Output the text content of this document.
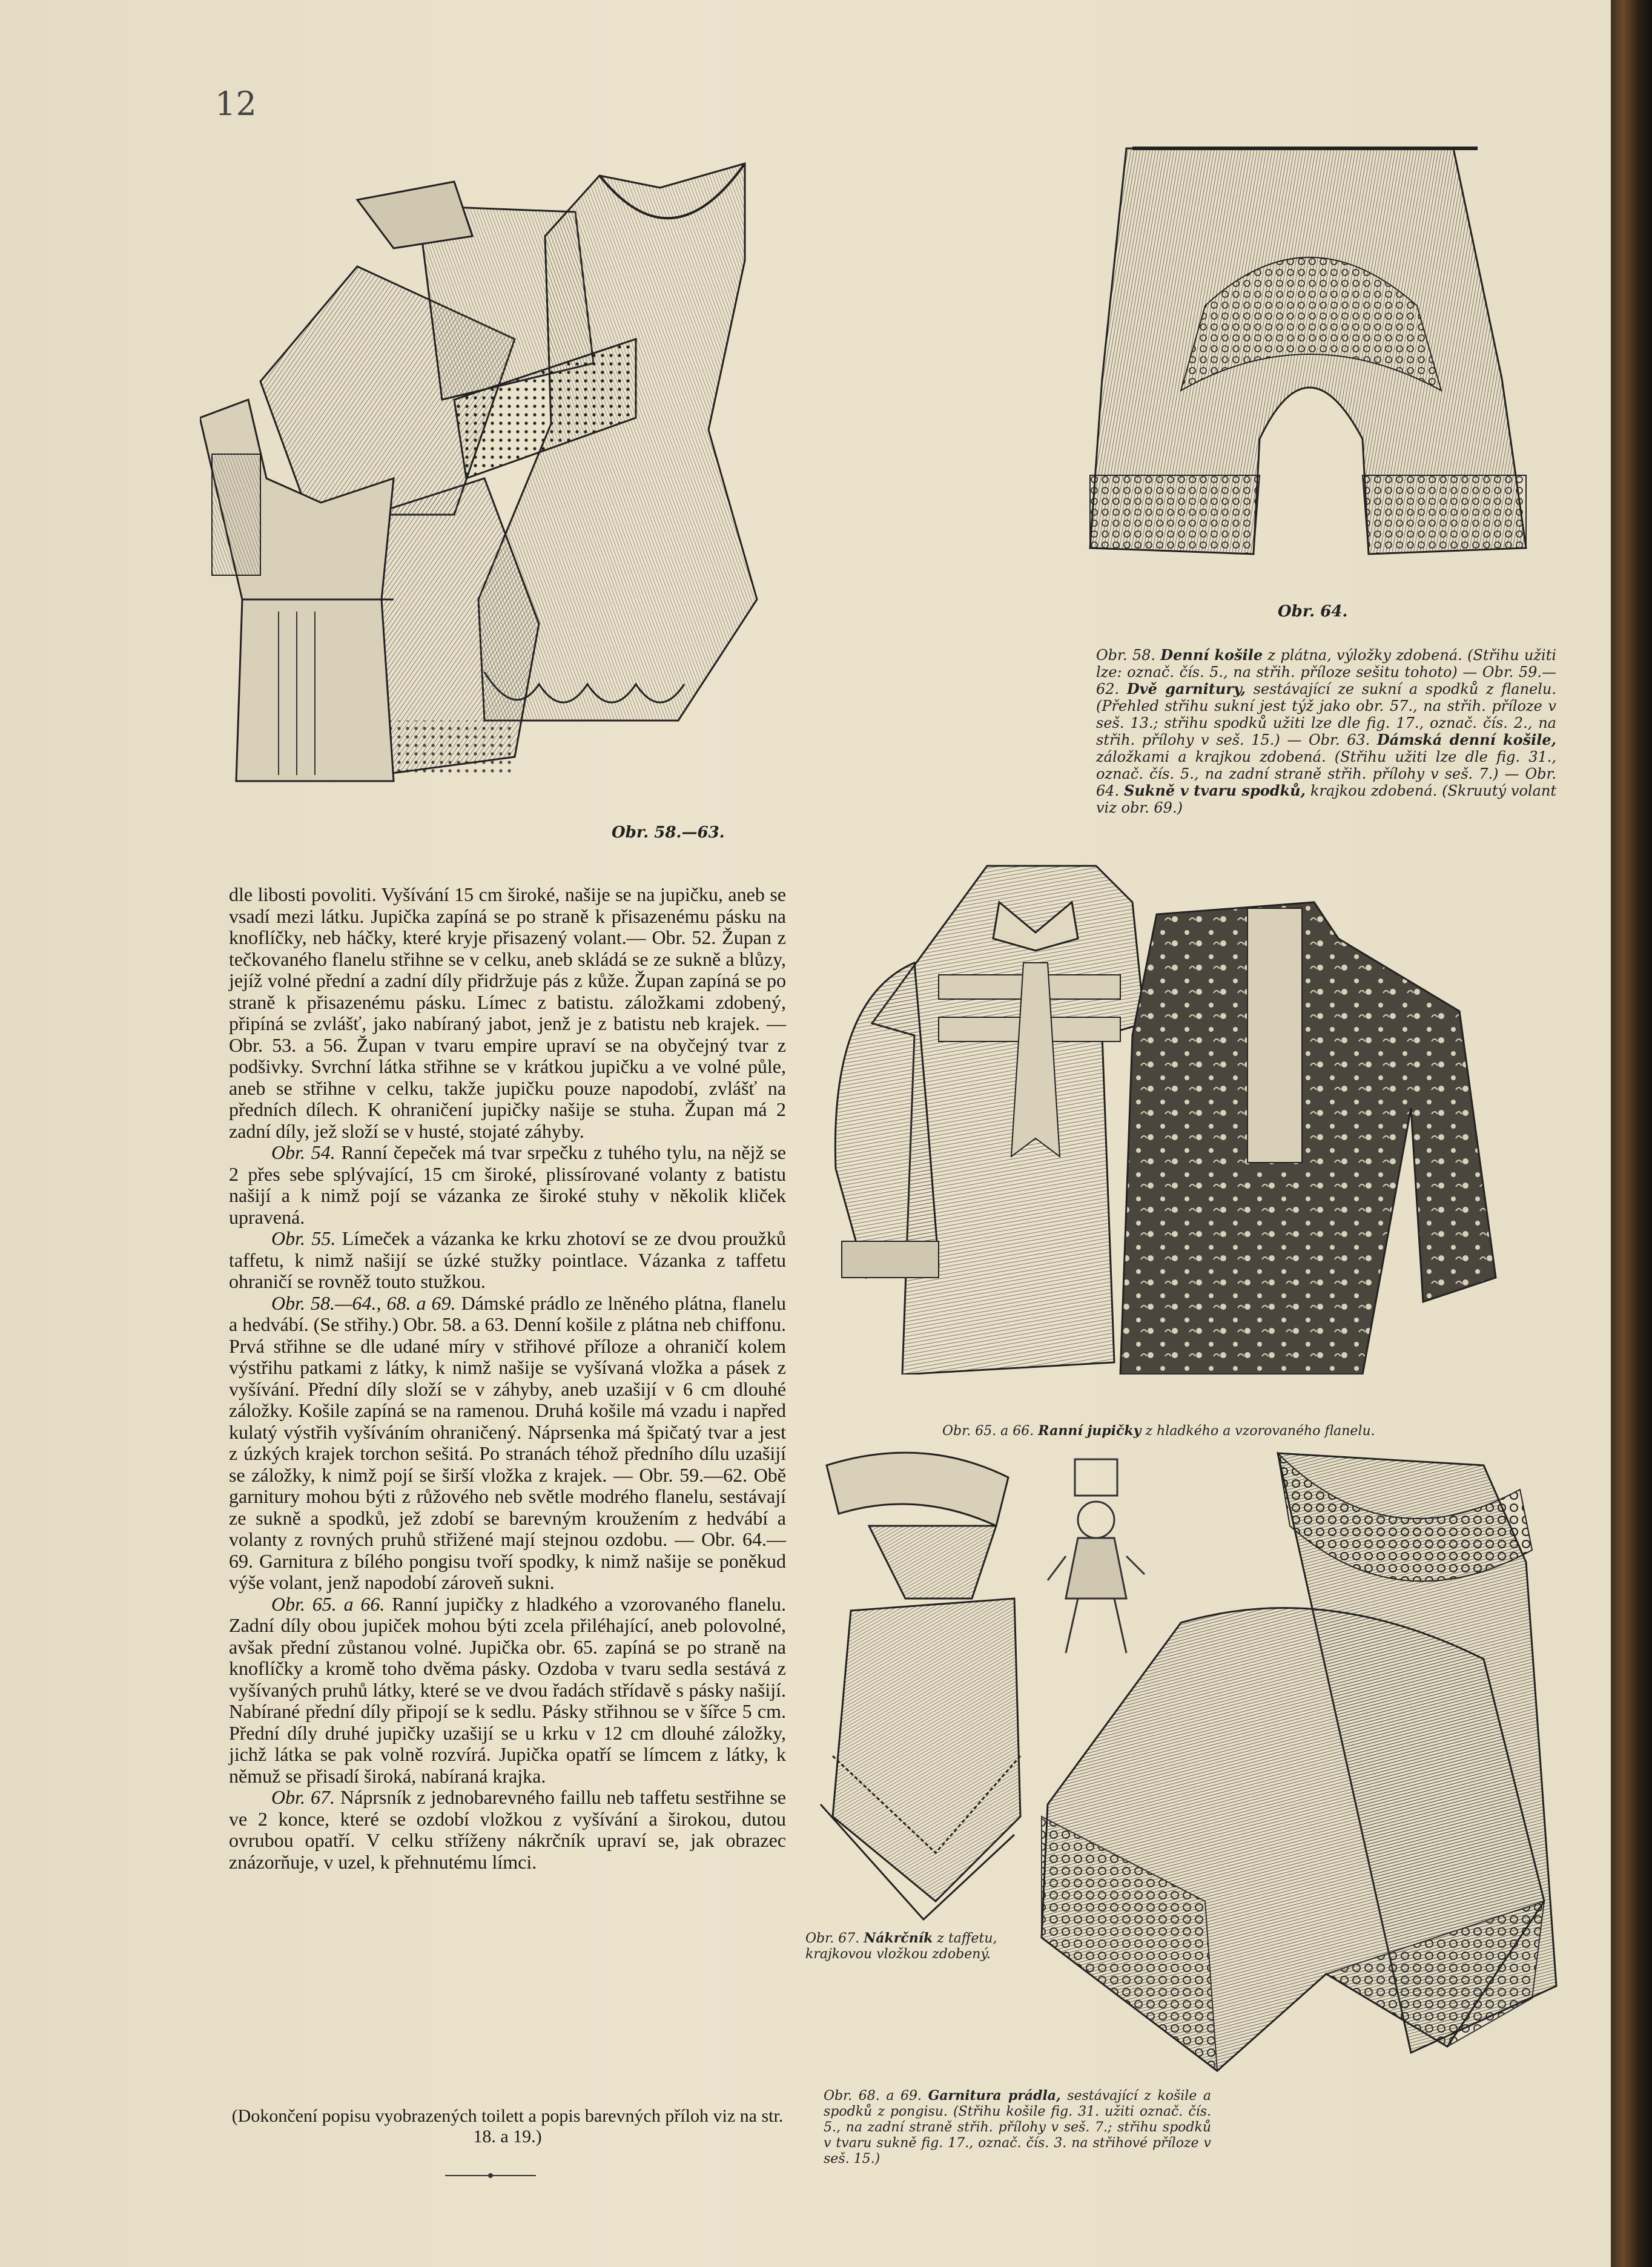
12
Obr. 58.—63.
Obr. 64.
Obr. 58. Denní košile z plátna, výložky zdobená. (Střihu užiti lze: označ. čís. 5., na střih. příloze sešitu tohoto) — Obr. 59.—62. Dvě garnitury, sestávající ze sukní a spodků z flanelu. (Přehled střihu sukní jest týž jako obr. 57., na střih. příloze v seš. 13.; střihu spodků užiti lze dle fig. 17., označ. čís. 2., na střih. přílohy v seš. 15.) — Obr. 63. Dámská denní košile, záložkami a krajkou zdobená. (Střihu užiti lze dle fig. 31., označ. čís. 5., na zadní straně střih. přílohy v seš. 7.) — Obr. 64. Sukně v tvaru spodků, krajkou zdobená. (Skruutý volant viz obr. 69.)
Obr. 65. a 66. Ranní jupičky z hladkého a vzorovaného flanelu.
Obr. 67. Nákrčník z taffetu, krajkovou vložkou zdobený.
Obr. 68. a 69. Garnitura prádla, sestávající z košile a spodků z pongisu. (Střihu košile fig. 31. užiti označ. čís. 5., na zadní straně střih. přílohy v seš. 7.; střihu spodků v tvaru sukně fig. 17., označ. čís. 3. na střihové příloze v seš. 15.)

dle libosti povoliti. Vyšívání 15 cm široké, našije se na jupičku, aneb se vsadí mezi látku. Jupička zapíná se po straně k přisazenému pásku na knoflíčky, neb háčky, které kryje přisazený volant.— Obr. 52. Župan z tečkovaného flanelu střihne se v celku, aneb skládá se ze sukně a blůzy, jejíž volné přední a zadní díly přidržuje pás z kůže. Župan zapíná se po straně k přisazenému pásku. Límec z batistu. záložkami zdobený, připíná se zvlášť, jako nabíraný jabot, jenž je z batistu neb krajek. — Obr. 53. a 56. Župan v tvaru empire upraví se na obyčejný tvar z podšivky. Svrchní látka střihne se v krátkou jupičku a ve volné půle, aneb se střihne v celku, takže jupičku pouze napodobí, zvlášť na předních dílech. K ohraničení jupičky našije se stuha. Župan má 2 zadní díly, jež složí se v husté, stojaté záhyby.

Obr. 54. Ranní čepeček má tvar srpečku z tuhého tylu, na nějž se 2 přes sebe splývající, 15 cm široké, plissírované volanty z batistu našijí a k nimž pojí se vázanka ze široké stuhy v několik kliček upravená.

Obr. 55. Límeček a vázanka ke krku zhotoví se ze dvou proužků taffetu, k nimž našijí se úzké stužky pointlace. Vázanka z taffetu ohraničí se rovněž touto stužkou.

Obr. 58.—64., 68. a 69. Dámské prádlo ze lněného plátna, flanelu a hedvábí. (Se střihy.) Obr. 58. a 63. Denní košile z plátna neb chiffonu. Prvá střihne se dle udané míry v střihové příloze a ohraničí kolem výstřihu patkami z látky, k nimž našije se vyšívaná vložka a pásek z vyšívání. Přední díly složí se v záhyby, aneb uzašijí v 6 cm dlouhé záložky. Košile zapíná se na ramenou. Druhá košile má vzadu i napřed kulatý výstřih vyšíváním ohraničený. Náprsenka má špičatý tvar a jest z úzkých krajek torchon sešitá. Po stranách téhož předního dílu uzašijí se záložky, k nimž pojí se širší vložka z krajek. — Obr. 59.—62. Obě garnitury mohou býti z růžového neb světle modrého flanelu, sestávají ze sukně a spodků, jež zdobí se barevným kroužením z hedvábí a volanty z rovných pruhů střižené mají stejnou ozdobu. — Obr. 64.—69. Garnitura z bílého pongisu tvoří spodky, k nimž našije se poněkud výše volant, jenž napodobí zároveň sukni.

Obr. 65. a 66. Ranní jupičky z hladkého a vzorovaného flanelu. Zadní díly obou jupiček mohou býti zcela přiléhající, aneb polovolné, avšak přední zůstanou volné. Jupička obr. 65. zapíná se po straně na knoflíčky a kromě toho dvěma pásky. Ozdoba v tvaru sedla sestává z vyšívaných pruhů látky, které se ve dvou řadách střídavě s pásky našijí. Nabírané přední díly připojí se k sedlu. Pásky střihnou se v šířce 5 cm. Přední díly druhé jupičky uzašijí se u krku v 12 cm dlouhé záložky, jichž látka se pak volně rozvírá. Jupička opatří se límcem z látky, k němuž se přisadí široká, nabíraná krajka.

Obr. 67. Náprsník z jednobarevného faillu neb taffetu sestřihne se ve 2 konce, které se ozdobí vložkou z vyšívání a širokou, dutou ovrubou opatří. V celku stříženy nákrčník upraví se, jak obrazec znázorňuje, v uzel, k přehnutému límci.

(Dokončení popisu vyobrazených toilett a popis barevných příloh viz na str. 18. a 19.)
